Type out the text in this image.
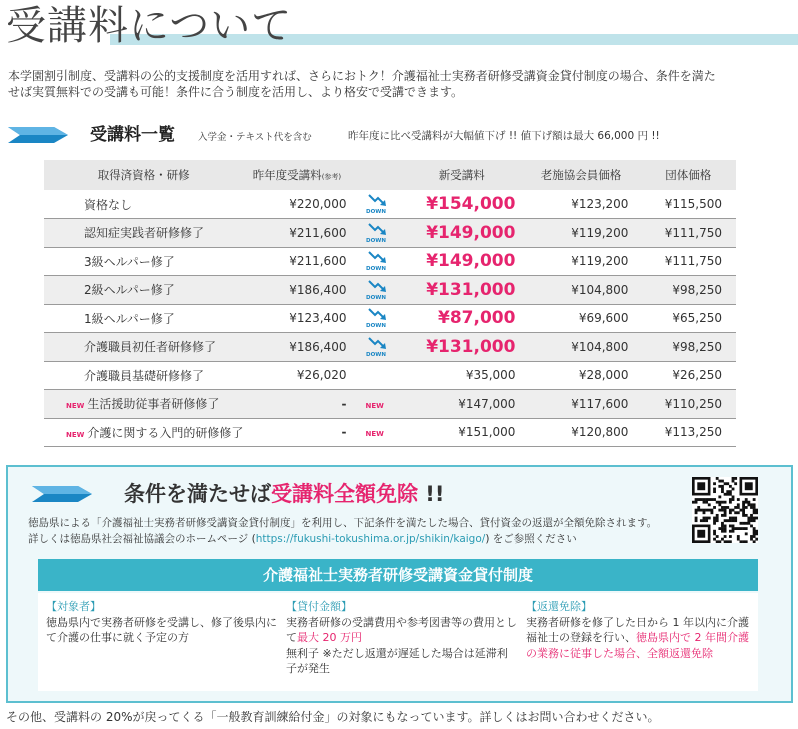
受講料について
本学園割引制度、受講料の公的支援制度を活用すれば、さらにおトク！介護福祉士実務者研修受講資金貸付制度の場合、条件を満た
せば実質無料での受講も可能！条件に合う制度を活用し、より格安で受講できます。
受講料一覧 入学金・テキスト代を含む	昨年度に比べ受講料が大幅値下げ !! 値下げ額は最大 66,000 円 !!
取得済資格・研修	昨年度受講料(参考)		新受講料	老施協会員価格	団体価格
資格なし	¥220,000	DOWN	¥154,000	¥123,200	¥115,500
認知症実践者研修修了	¥211,600	DOWN	¥149,000	¥119,200	¥111,750
3級ヘルパー修了	¥211,600	DOWN	¥149,000	¥119,200	¥111,750
2級ヘルパー修了	¥186,400	DOWN	¥131,000	¥104,800	¥98,250
1級ヘルパー修了	¥123,400	DOWN	¥87,000	¥69,600	¥65,250
介護職員初任者研修修了	¥186,400	DOWN	¥131,000	¥104,800	¥98,250
介護職員基礎研修修了	¥26,020		¥35,000	¥28,000	¥26,250
NEW 生活援助従事者研修修了	-	NEW	¥147,000	¥117,600	¥110,250
NEW 介護に関する入門的研修修了	-	NEW	¥151,000	¥120,800	¥113,250
条件を満たせば受講料全額免除 !!
徳島県による「介護福祉士実務者研修受講資金貸付制度」を利用し、下記条件を満たした場合、貸付資金の返還が全額免除されます。
詳しくは徳島県社会福祉協議会のホームページ (https://fukushi-tokushima.or.jp/shikin/kaigo/) をご参照ください
介護福祉士実務者研修受講資金貸付制度
【対象者】
徳島県内で実務者研修を受講し、修了後県内にて介護の仕事に就く予定の方
【貸付金額】
実務者研修の受講費用や参考図書等の費用として最大 20 万円
無利子 ※ただし返還が遅延した場合は延滞利子が発生
【返還免除】
実務者研修を修了した日から 1 年以内に介護福祉士の登録を行い、徳島県内で 2 年間介護の業務に従事した場合、全額返還免除
その他、受講料の 20%が戻ってくる「一般教育訓練給付金」の対象にもなっています。詳しくはお問い合わせください。
